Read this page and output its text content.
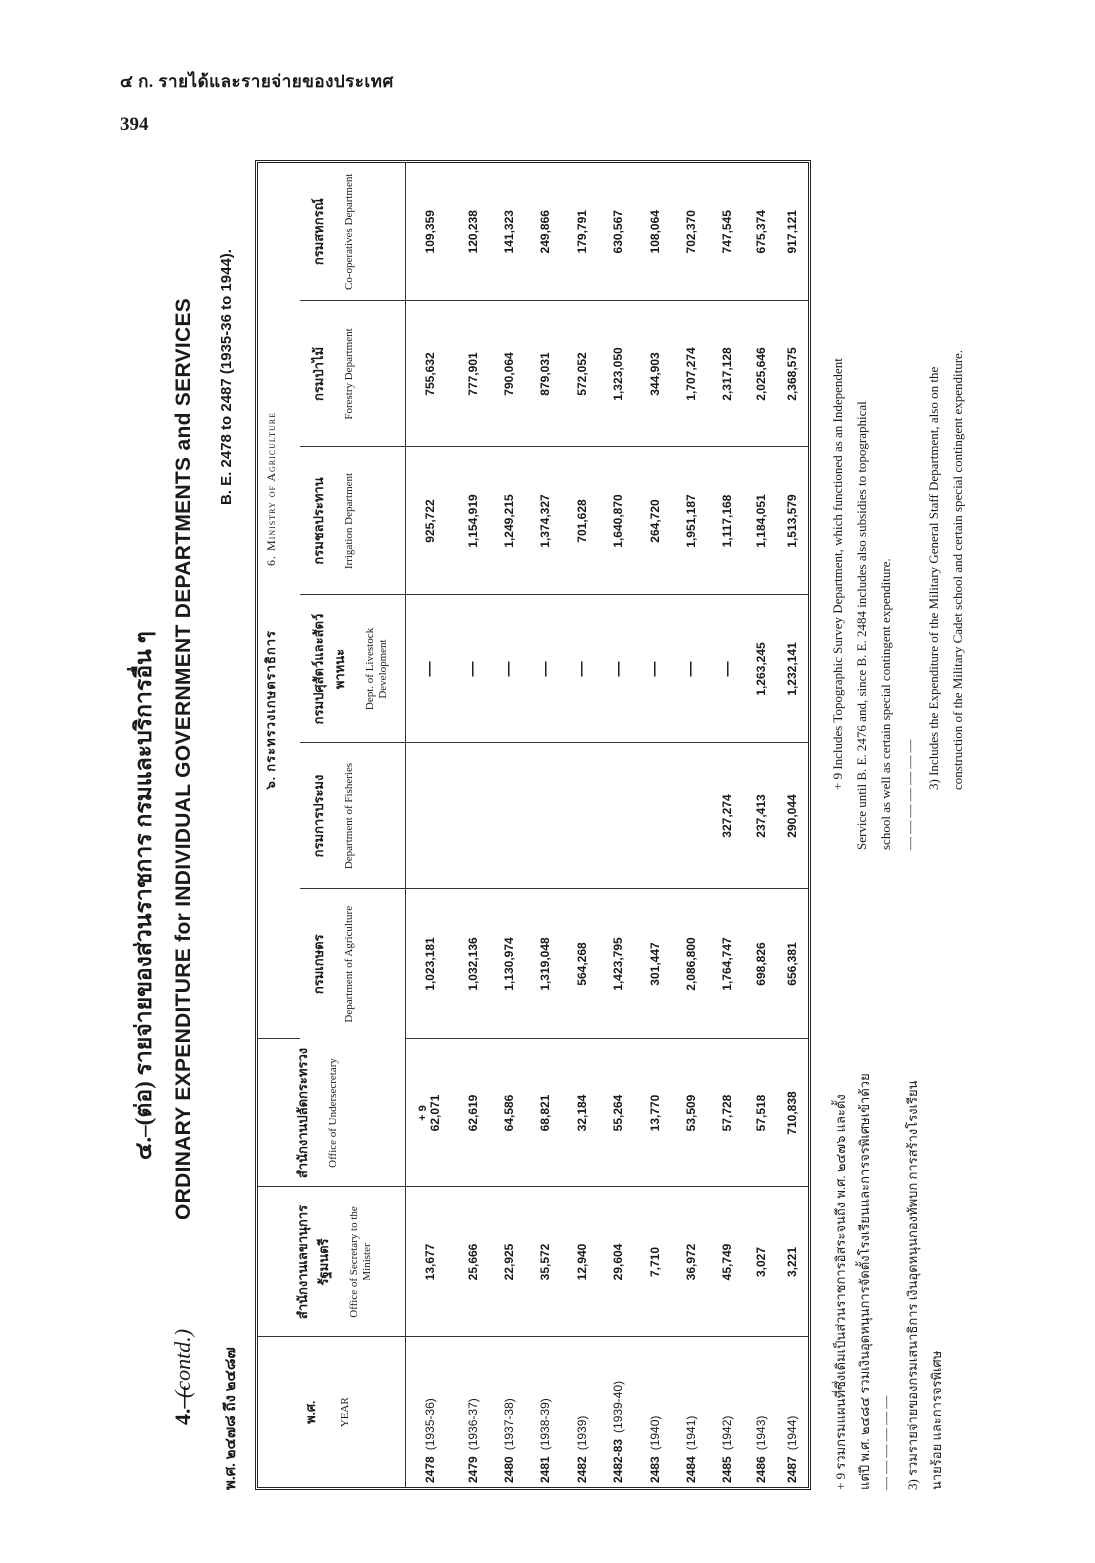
๔ ก. รายได้และรายจ่ายของประเทศ
394
๔.–(ต่อ) รายจ่ายของส่วนราชการ กรมและบริการอื่น ๆ
4.—
(contd.)
ORDINARY EXPENDITURE for INDIVIDUAL GOVERNMENT DEPARTMENTS and SERVICES
พ.ศ. ๒๔๗๘ ถึง ๒๔๘๗
B. E. 2478 to 2487 (1935-36 to 1944).
พ.ศ. YEAR	สำนักงานเลขานุการรัฐมนตรี Office of Secretary to the Minister	สำนักงานปลัดกระทรวง Office of Undersecretary	๖. กระทรวงเกษตราธิการ 6. Ministry of Agriculture					

			กรมเกษตร Department of Agriculture	กรมการประมง Department of Fisheries	กรมปศุสัตว์และสัตว์พาหนะ Dept. of Livestock Development	กรมชลประทาน Irrigation Department	กรมป่าไม้ Forestry Department	กรมสหกรณ์ Co-operatives Department

2478(1935-36)	13,677	+ 9 62,071	1,023,181		—	925,722	755,632	109,359
2479(1936-37)	25,666	62,619	1,032,136		—	1,154,919	777,901	120,238
2480(1937-38)	22,925	64,586	1,130,974		—	1,249,215	790,064	141,323
2481(1938-39)	35,572	68,821	1,319,048		—	1,374,327	879,031	249,866
2482(1939)	12,940	32,184	564,268		—	701,628	572,052	179,791
2482-83(1939-40)	29,604	55,264	1,423,795		—	1,640,870	1,323,050	630,567
2483(1940)	7,710	13,770	301,447		—	264,720	344,903	108,064
2484(1941)	36,972	53,509	2,086,800		—	1,951,187	1,707,274	702,370
2485(1942)	45,749	57,728	1,764,747	327,274	—	1,117,168	2,317,128	747,545
2486(1943)	3,027	57,518	698,826	237,413	1,263,245	1,184,051	2,025,646	675,374
2487(1944)	3,221	710,838	656,381	290,044	1,232,141	1,513,579	2,368,575	917,121
+ 9 รวมกรมแผนที่ซึ่งเดิมเป็นส่วนราชการอิสระจนถึง พ.ศ. ๒๔๗๖ และตั้ง แต่ปี พ.ศ. ๒๔๘๔ รวมเงินอุดหนุนการจัดตั้งโรงเรียนและการจรพิเศษเข้าด้วย — — — — — — 3) รวมรายจ่ายของกรมเสนาธิการ เงินอุดหนุนกองทัพบก การสร้างโรงเรียน นายร้อย และการจรพิเศษ
+ 9 Includes Topographic Survey Department, which functioned as an Independent Service until B. E. 2476 and, since B. E. 2484 includes also subsidies to topographical school as well as certain special contingent expenditure. — — — — — — —
3) Includes the Expenditure of the Military General Staff Department, also on the construction of the Military Cadet school and certain special contingent expenditure.
